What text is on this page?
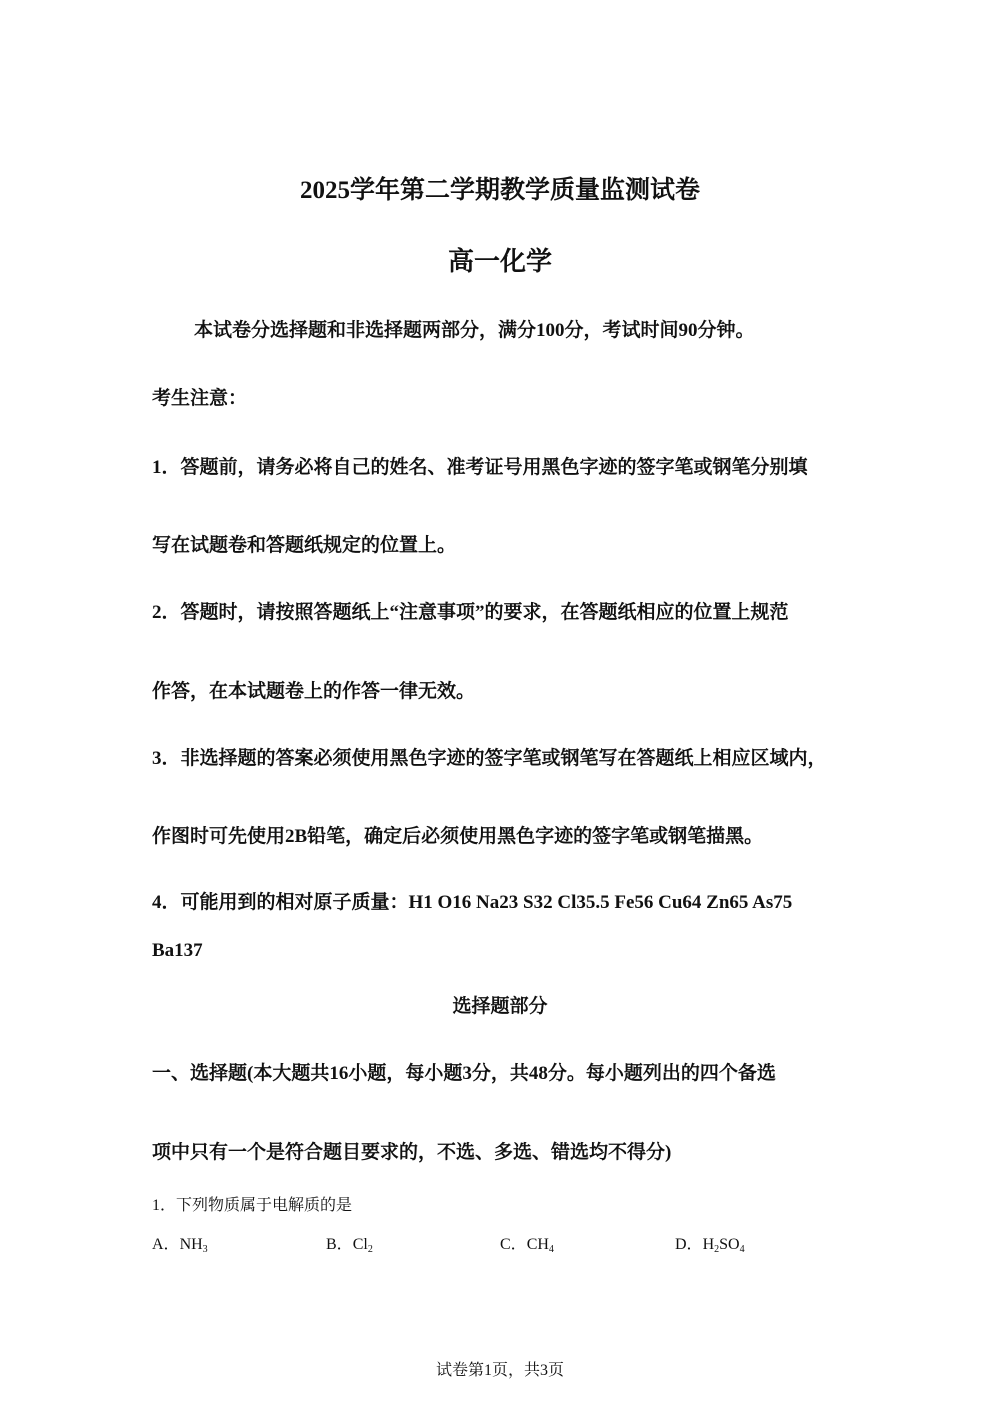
2025学年第二学期教学质量监测试卷
高一化学
本试卷分选择题和非选择题两部分，满分100分，考试时间90分钟。
考生注意：
1．答题前，请务必将自己的姓名、准考证号用黑色字迹的签字笔或钢笔分别填
写在试题卷和答题纸规定的位置上。
2．答题时，请按照答题纸上“注意事项”的要求，在答题纸相应的位置上规范
作答，在本试题卷上的作答一律无效。
3．非选择题的答案必须使用黑色字迹的签字笔或钢笔写在答题纸上相应区域内，
作图时可先使用2B铅笔，确定后必须使用黑色字迹的签字笔或钢笔描黑。
4．可能用到的相对原子质量：H1 O16 Na23 S32 Cl35.5 Fe56 Cu64 Zn65 As75
Ba137
选择题部分
一、选择题(本大题共16小题，每小题3分，共48分。每小题列出的四个备选
项中只有一个是符合题目要求的，不选、多选、错选均不得分)
1．下列物质属于电解质的是
A．$NH_3$	B．$Cl_2$	C．$CH_4$	D．$H_2SO_4$
试卷第1页，共3页
